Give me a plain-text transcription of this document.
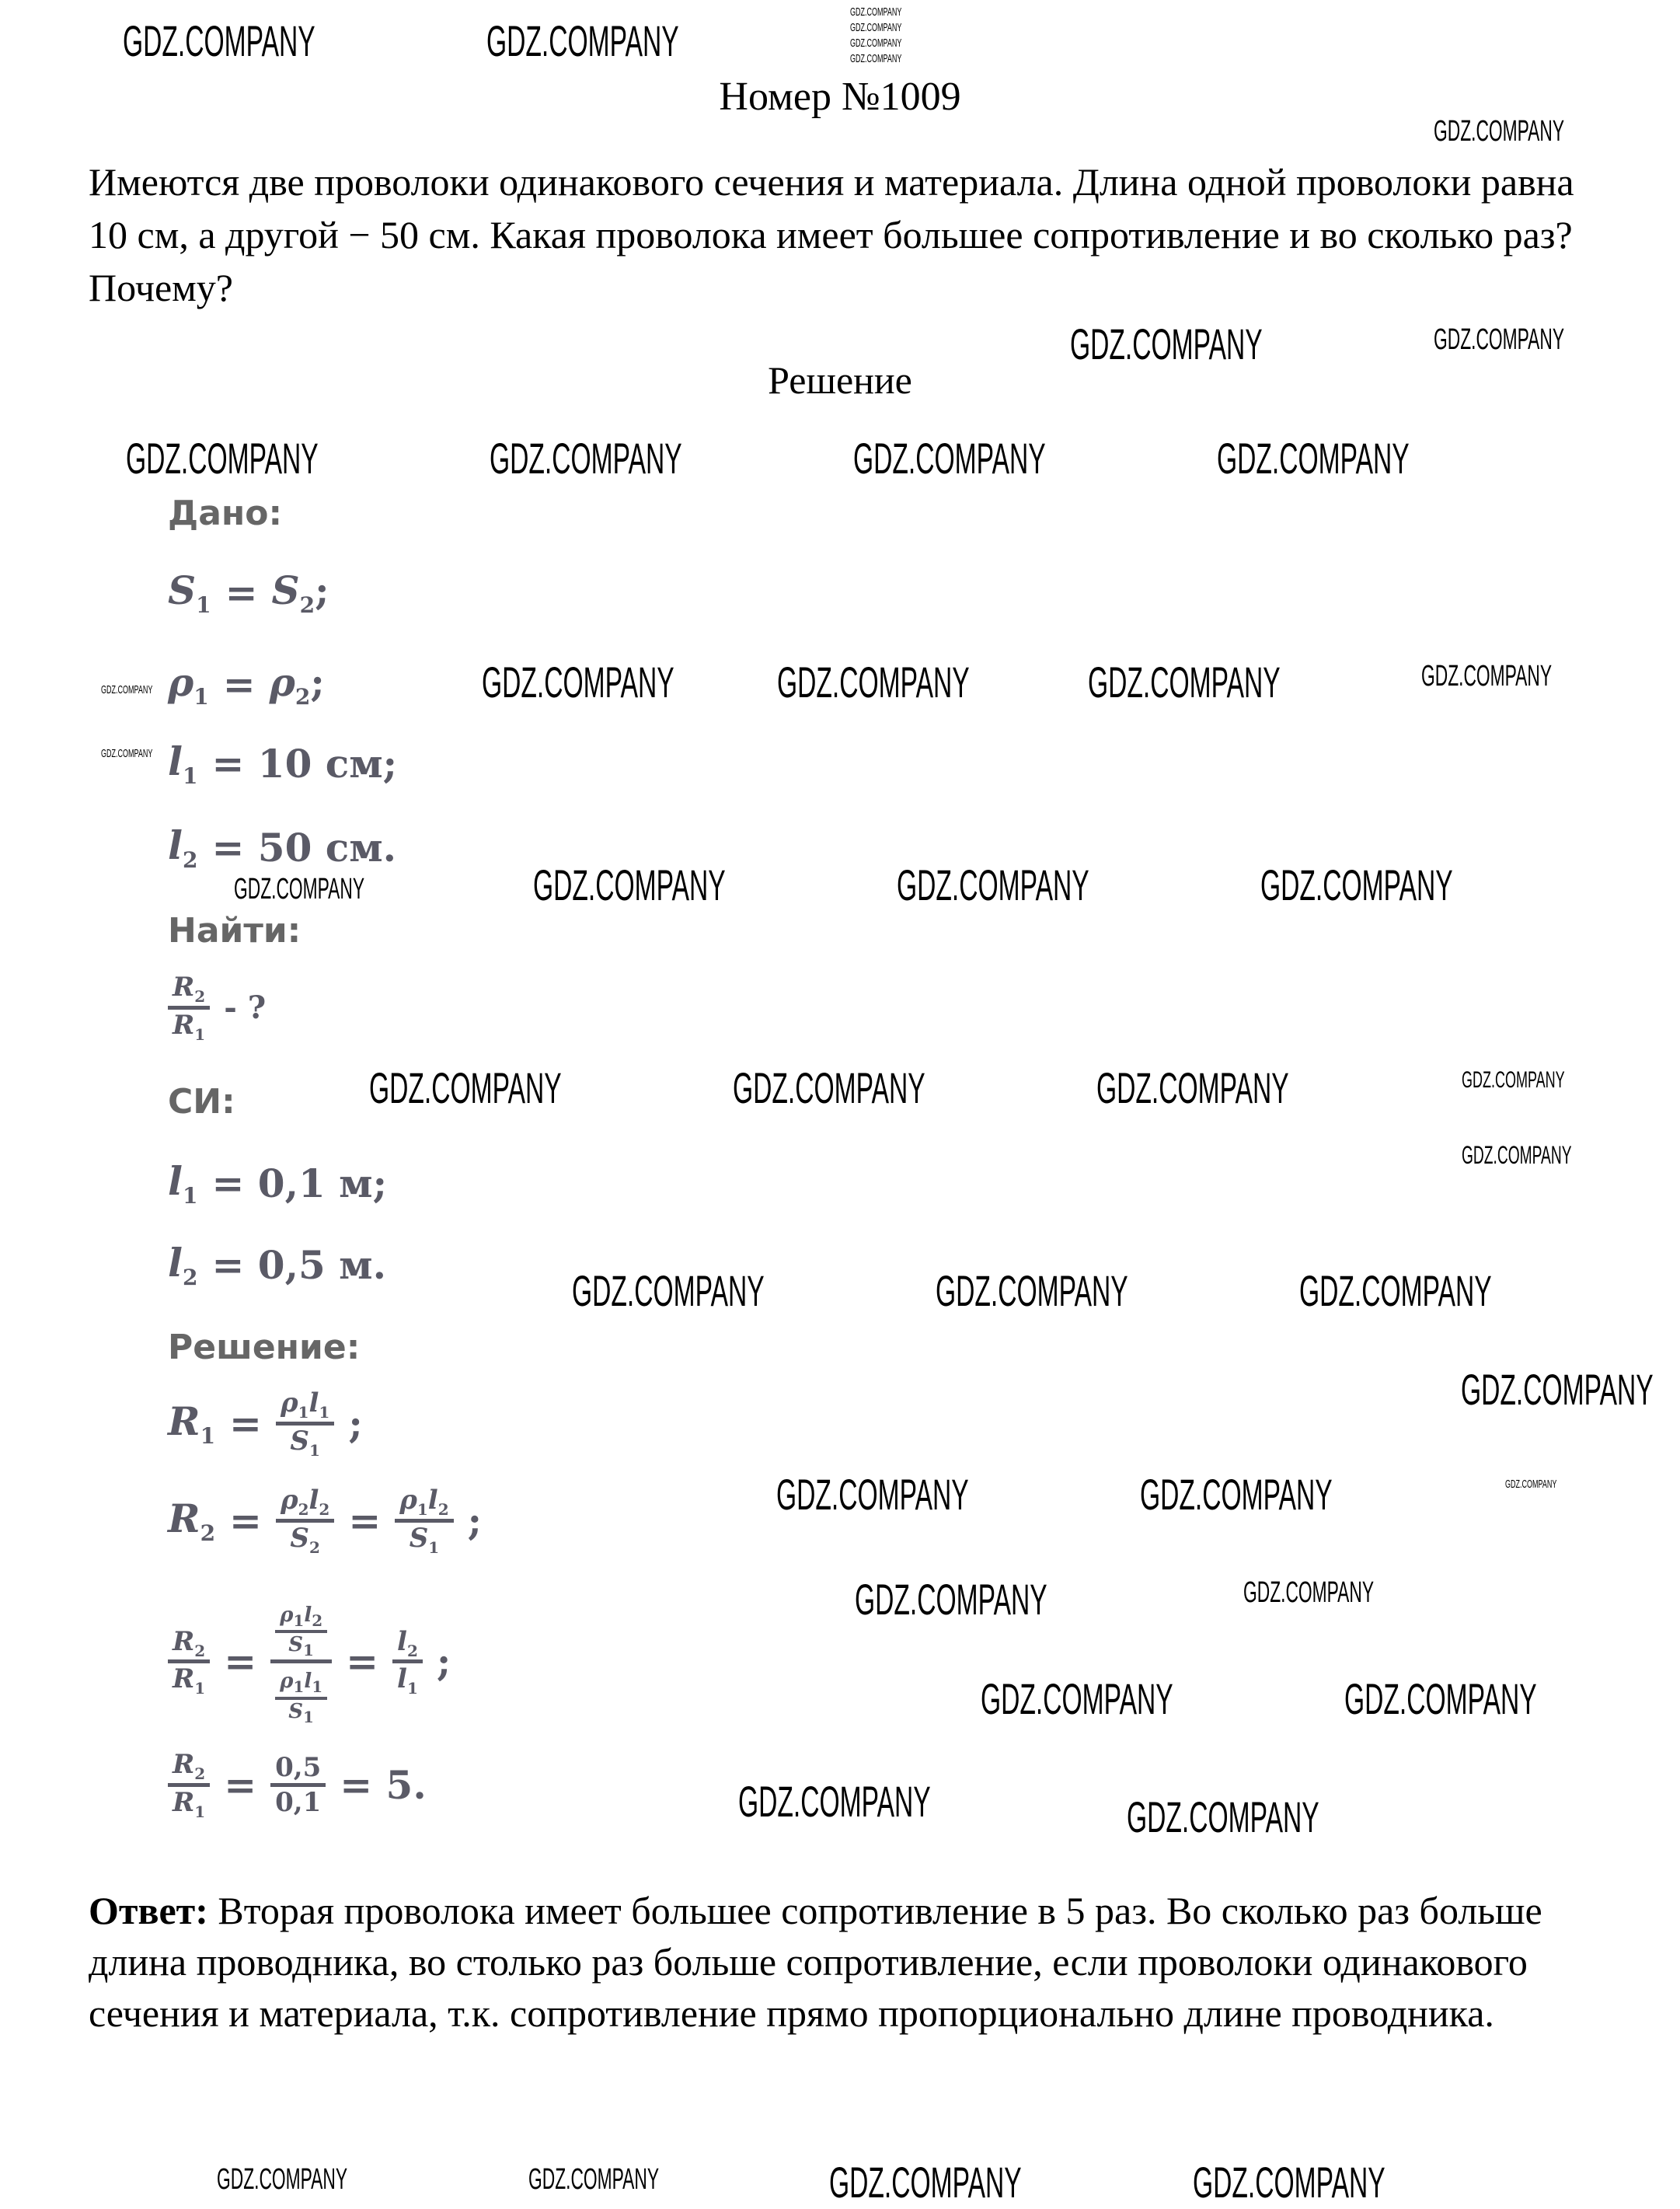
Номер №1009
Имеются две проволоки одинакового сечения и материала. Длина одной проволоки равна 10 см, а другой − 50 см. Какая проволока имеет большее сопротивление и во сколько раз? Почему?
Решение
Дано:
$S_1 = S_2$;
$\rho_1 = \rho_2$;
$l_1 = 10$ см;
$l_2 = 50$ см.
Найти:
$R_2$
$R_1$
- ?
СИ:
$l_1 = 0,1$ м;
$l_2 = 0,5$ м.
Решение:
$R_1 = \frac{\rho_1l_1}{S_1}$ ;
$R_2 = \frac{\rho_2l_2}{S_2} = \frac{\rho_1l_2}{S_1}$ ;
$\frac{R_2}{R_1} = \frac{\frac{\rho_1l_2}{S_1}}{\frac{\rho_1l_1}{S_1}} = \frac{l_2}{l_1}$ ;
$\frac{R_2}{R_1} = \frac{0,5}{0,1} = 5$.
Ответ: Вторая проволока имеет большее сопротивление в 5 раз. Во сколько раз больше длина проводника, во столько раз больше сопротивление, если проволоки одинакового сечения и материала, т.к. сопротивление прямо пропорционально длине проводника.
GDZ.COMPANY	GDZ.COMPANY
GDZ.COMPANY
GDZ.COMPANY	GDZ.COMPANY	GDZ.COMPANY	GDZ.COMPANY
GDZ.COMPANY GDZ.COMPANY	GDZ.COMPANY
GDZ.COMPANY	GDZ.COMPANY	GDZ.COMPANY
GDZ.COMPANY	GDZ.COMPANY	GDZ.COMPANY
GDZ.COMPANY	GDZ.COMPANY	GDZ.COMPANY
GDZ.COMPANY
GDZ.COMPANY	GDZ.COMPANY
GDZ.COMPANY
GDZ.COMPANY	GDZ.COMPANY
GDZ.COMPANY	GDZ.COMPANY
GDZ.COMPANY	GDZ.COMPANY
GDZ.COMPANY
GDZ.COMPANY
GDZ.COMPANY
GDZ.COMPANY
GDZ.COMPANY
GDZ.COMPANY
GDZ.COMPANY
GDZ.COMPANY	GDZ.COMPANY
GDZ.COMPANY
GDZ.COMPANY
GDZ.COMPANY
GDZ.COMPANY
GDZ.COMPANY
GDZ.COMPANY
GDZ.COMPANY
